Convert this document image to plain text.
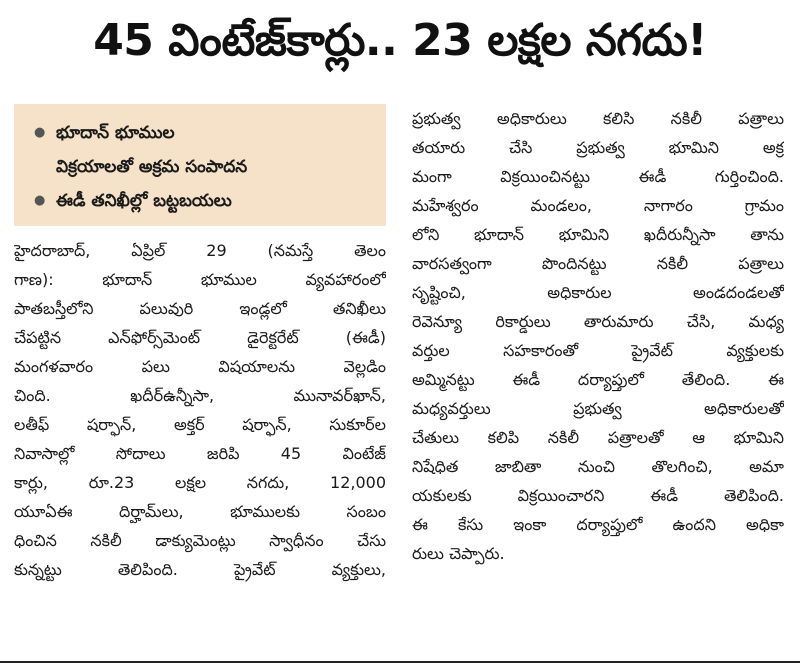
45 వింటేజ్‌కార్లు.. 23 లక్షల నగదు!
● భూదాన్ భూముల
విక్రయాలతో అక్రమ సంపాదన
● ఈడీ తనిఖీల్లో బట్టబయలు
హైదరాబాద్, ఏప్రిల్ 29 (నమస్తే తెలం
గాణ): భూదాన్ భూముల వ్యవహారంలో
పాతబస్తీలోని పలువురి ఇండ్లలో తనిఖీలు
చేపట్టిన ఎన్‌ఫోర్స్‌మెంట్ డైరెక్టరేట్ (ఈడీ)
మంగళవారం పలు విషయాలను వెల్లడిం
చింది. ఖదీర్‌ఉన్నీసా, మునావర్‌ఖాన్,
లతీఫ్ షర్ఫాన్, అక్తర్ షర్ఫాన్, సుకూర్‌ల
నివాసాల్లో సోదాలు జరిపి 45 వింటేజ్
కార్లు, రూ.23 లక్షల నగదు, 12,000
యూఏఈ దిర్హామ్‌లు, భూములకు సంబం
ధించిన నకిలీ డాక్యుమెంట్లు స్వాధీనం చేసు
కున్నట్టు తెలిపింది. ప్రైవేట్ వ్యక్తులు,
ప్రభుత్వ అధికారులు కలిసి నకిలీ పత్రాలు
తయారు చేసి ప్రభుత్వ భూమిని అక్ర
మంగా విక్రయించినట్టు ఈడీ గుర్తించింది.
మహేశ్వరం మండలం, నాగారం గ్రామం
లోని భూదాన్ భూమిని ఖదీరున్నీసా తాను
వారసత్వంగా పొందినట్టు నకిలీ పత్రాలు
సృష్టించి, అధికారుల అండదండలతో
రెవెన్యూ రికార్డులు తారుమారు చేసి, మధ్య
వర్తుల సహకారంతో ప్రైవేట్ వ్యక్తులకు
అమ్మినట్టు ఈడీ దర్యాప్తులో తేలింది. ఈ
మధ్యవర్తులు ప్రభుత్వ అధికారులతో
చేతులు కలిపి నకిలీ పత్రాలతో ఆ భూమిని
నిషేధిత జాబితా నుంచి తొలగించి, అమా
యకులకు విక్రయించారని ఈడీ తెలిపింది.
ఈ కేసు ఇంకా దర్యాప్తులో ఉందని అధికా
రులు చెప్పారు.
